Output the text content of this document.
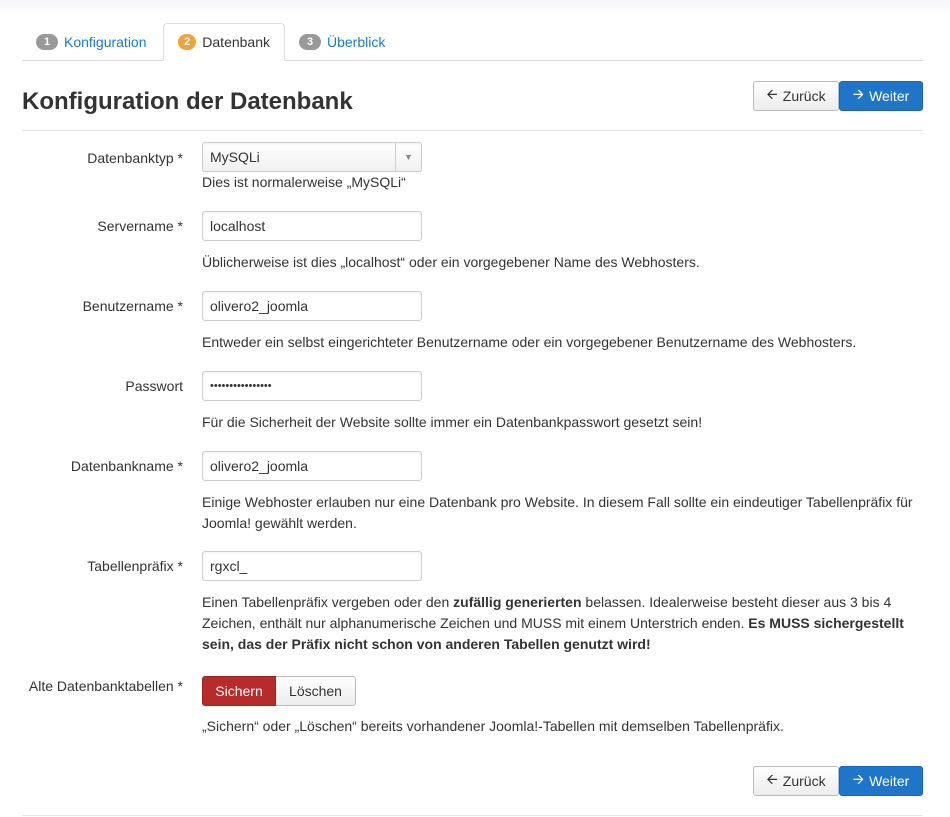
1 Konfiguration	2 Datenbank	3 Überblick
Konfiguration der Datenbank	🡨 Zurück 🡪 Weiter
Datenbanktyp *	MySQLi	▼
Dies ist normalerweise „MySQLi“
Servername *	localhost
Üblicherweise ist dies „localhost“ oder ein vorgegebener Name des Webhosters.
Benutzername *	olivero2_joomla
Entweder ein selbst eingerichteter Benutzername oder ein vorgegebener Benutzername des Webhosters.
Passwort	••••••••••••••••
Für die Sicherheit der Website sollte immer ein Datenbankpasswort gesetzt sein!
Datenbankname *	olivero2_joomla
Einige Webhoster erlauben nur eine Datenbank pro Website. In diesem Fall sollte ein eindeutiger Tabellenpräfix für Joomla! gewählt werden.
Tabellenpräfix *	rgxcl_
Einen Tabellenpräfix vergeben oder den zufällig generierten belassen. Idealerweise besteht dieser aus 3 bis 4 Zeichen, enthält nur alphanumerische Zeichen und MUSS mit einem Unterstrich enden. Es MUSS sichergestellt sein, das der Präfix nicht schon von anderen Tabellen genutzt wird!
Alte Datenbanktabellen *	Sichern	Löschen
„Sichern“ oder „Löschen“ bereits vorhandener Joomla!-Tabellen mit demselben Tabellenpräfix.
🡨 Zurück 🡪 Weiter
